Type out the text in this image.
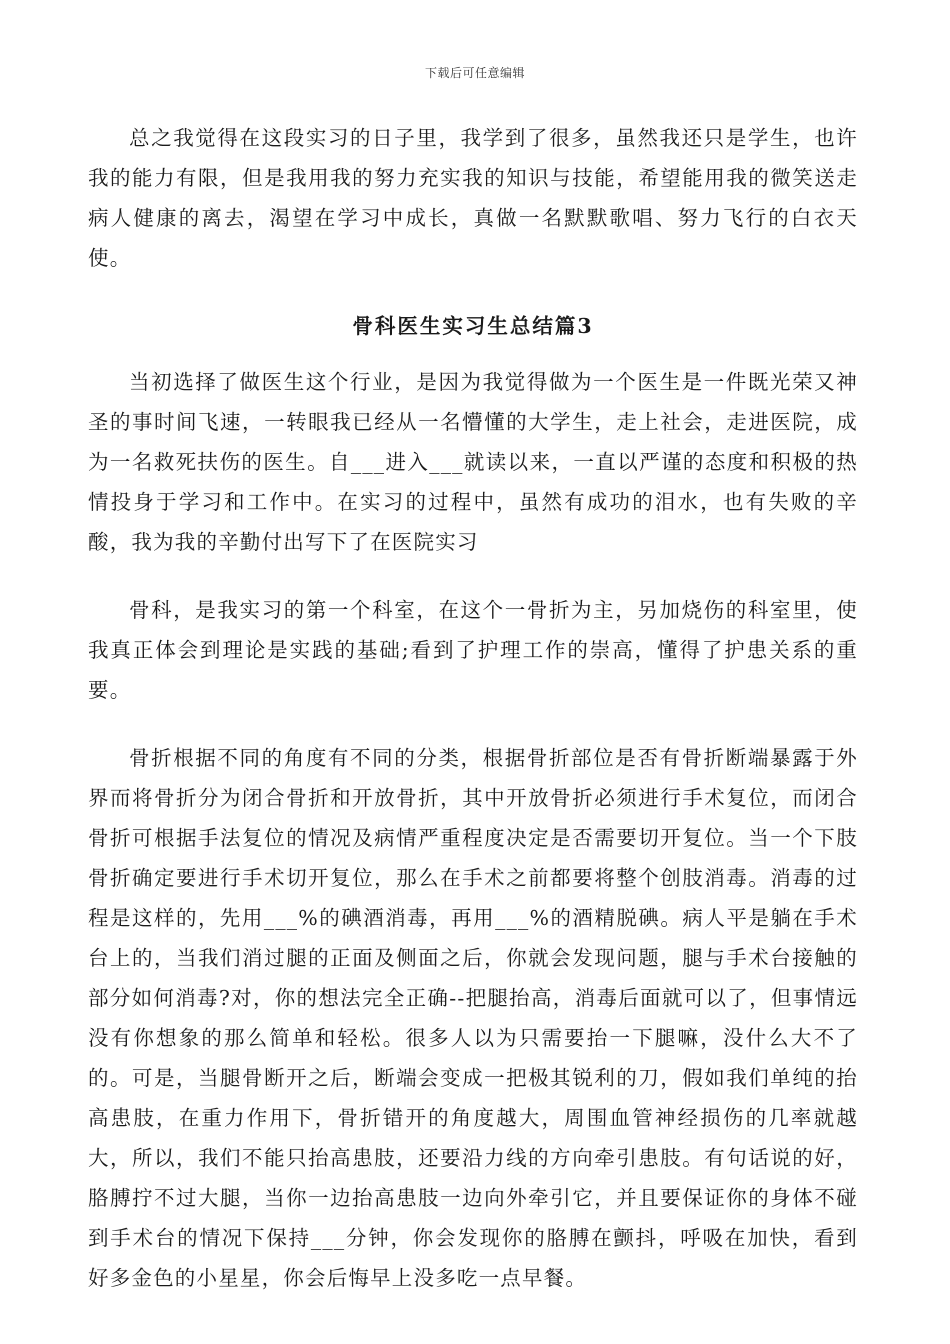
下载后可任意编辑

总之我觉得在这段实习的日子里，我学到了很多，虽然我还只是学生，也许我的能力有限，但是我用我的努力充实我的知识与技能，希望能用我的微笑送走病人健康的离去，渴望在学习中成长，真做一名默默歌唱、努力飞行的白衣天使。

骨科医生实习生总结篇3

当初选择了做医生这个行业，是因为我觉得做为一个医生是一件既光荣又神圣的事时间飞速，一转眼我已经从一名懵懂的大学生，走上社会，走进医院，成为一名救死扶伤的医生。自___进入___就读以来，一直以严谨的态度和积极的热情投身于学习和工作中。在实习的过程中，虽然有成功的泪水，也有失败的辛酸，我为我的辛勤付出写下了在医院实习

骨科，是我实习的第一个科室，在这个一骨折为主，另加烧伤的科室里，使我真正体会到理论是实践的基础;看到了护理工作的崇高，懂得了护患关系的重要。

骨折根据不同的角度有不同的分类，根据骨折部位是否有骨折断端暴露于外界而将骨折分为闭合骨折和开放骨折，其中开放骨折必须进行手术复位，而闭合骨折可根据手法复位的情况及病情严重程度决定是否需要切开复位。当一个下肢骨折确定要进行手术切开复位，那么在手术之前都要将整个创肢消毒。消毒的过程是这样的，先用___%的碘酒消毒，再用___%的酒精脱碘。病人平是躺在手术台上的，当我们消过腿的正面及侧面之后，你就会发现问题，腿与手术台接触的部分如何消毒?对，你的想法完全正确--把腿抬高，消毒后面就可以了，但事情远没有你想象的那么简单和轻松。很多人以为只需要抬一下腿嘛，没什么大不了的。可是，当腿骨断开之后，断端会变成一把极其锐利的刀，假如我们单纯的抬高患肢，在重力作用下，骨折错开的角度越大，周围血管神经损伤的几率就越大，所以，我们不能只抬高患肢，还要沿力线的方向牵引患肢。有句话说的好，胳膊拧不过大腿，当你一边抬高患肢一边向外牵引它，并且要保证你的身体不碰到手术台的情况下保持___分钟，你会发现你的胳膊在颤抖，呼吸在加快，看到好多金色的小星星，你会后悔早上没多吃一点早餐。
